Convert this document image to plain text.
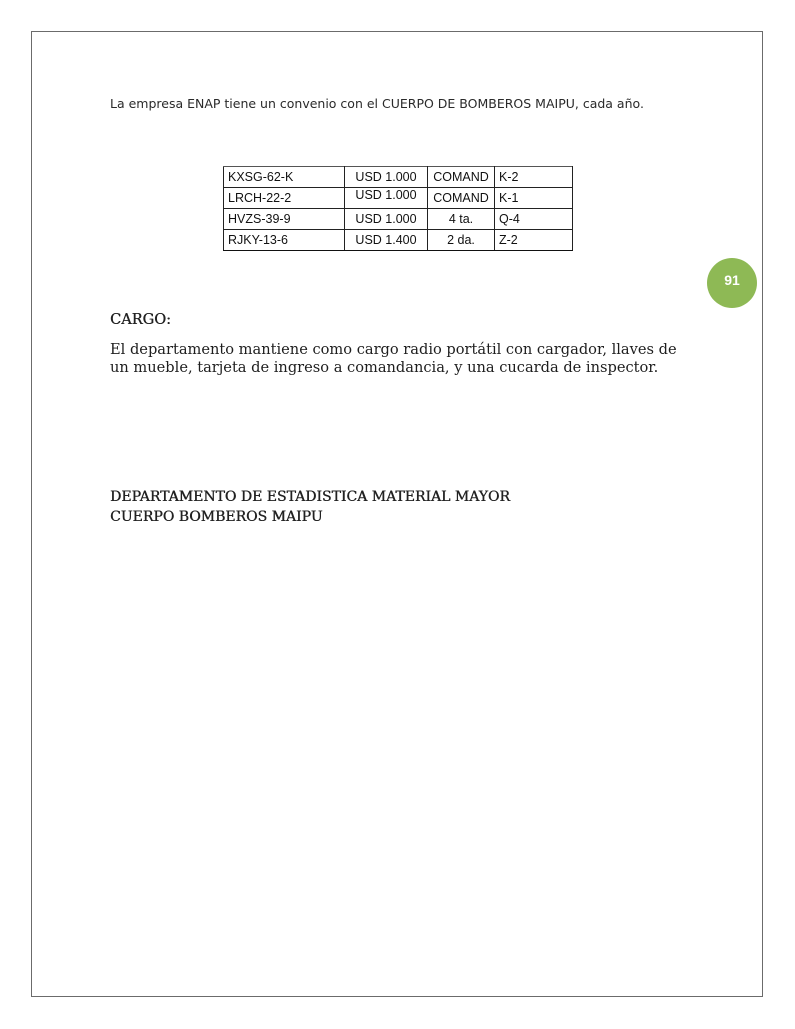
La empresa ENAP tiene un convenio con el CUERPO DE BOMBEROS MAIPU, cada año.

KXSG-62-K	USD 1.000	COMAND	K-2
LRCH-22-2	USD 1.000	COMAND	K-1
HVZS-39-9	USD 1.000	4 ta.	Q-4
RJKY-13-6	USD 1.400	2 da.	Z-2
91
CARGO:
El departamento mantiene como cargo radio portátil con cargador, llaves de un mueble, tarjeta de ingreso a comandancia, y una cucarda de inspector.
DEPARTAMENTO DE ESTADISTICA MATERIAL MAYOR
CUERPO BOMBEROS MAIPU
